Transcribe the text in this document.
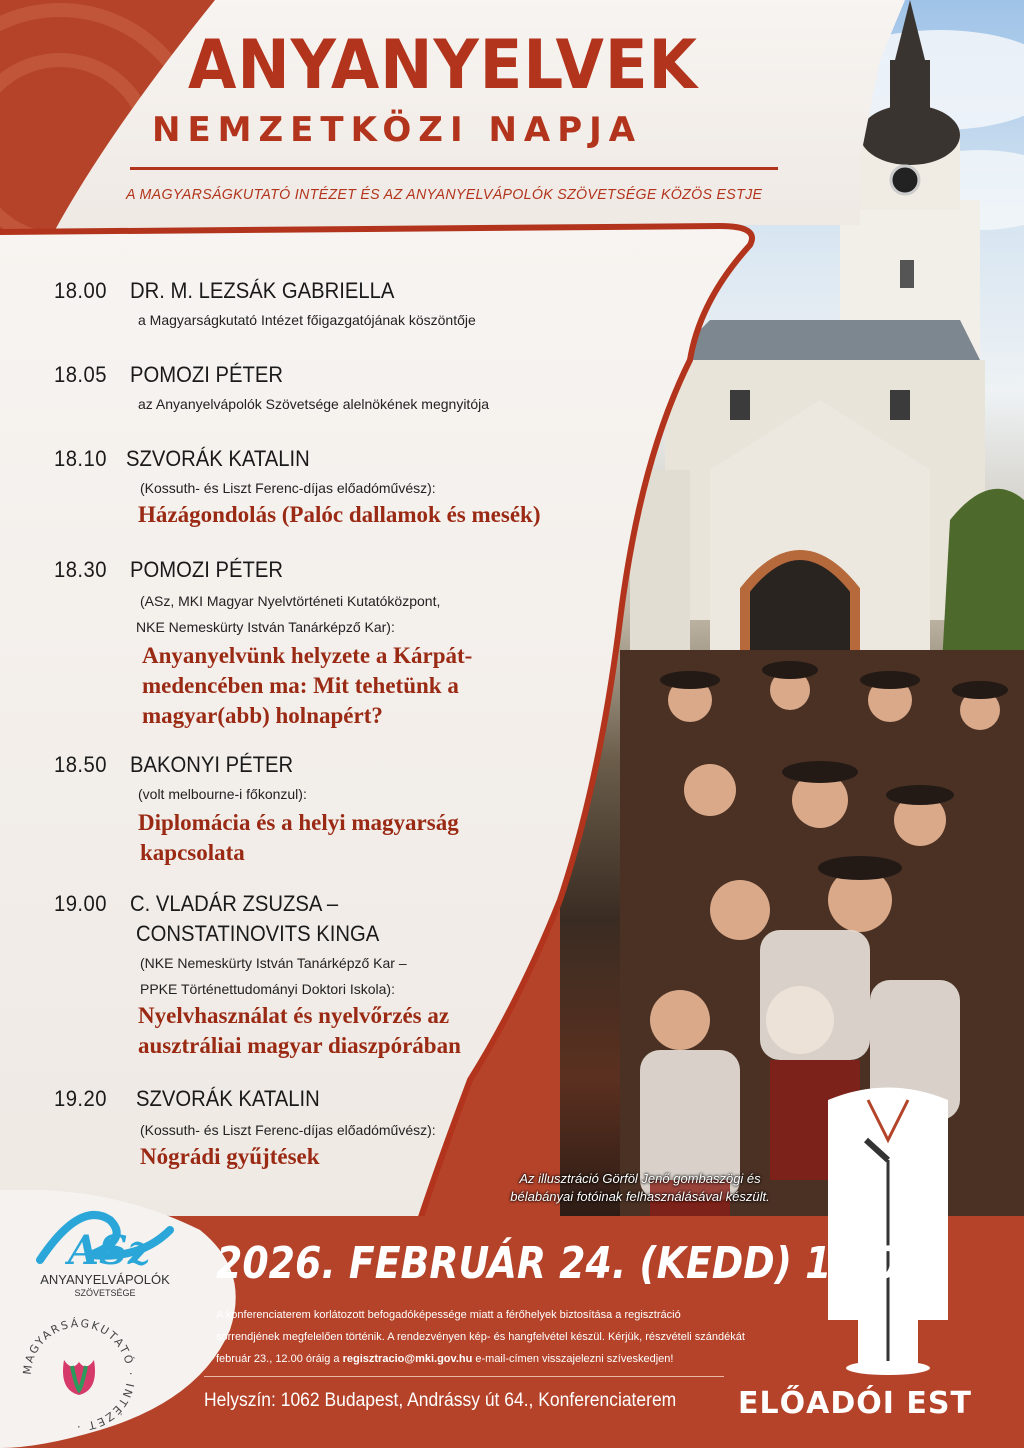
ANYANYELVEK
NEMZETKÖZI NAPJA
A MAGYARSÁGKUTATÓ INTÉZET ÉS AZ ANYANYELVÁPOLÓK SZÖVETSÉGE KÖZÖS ESTJE
18.00 DR. M. LEZSÁK GABRIELLA
a Magyarságkutató Intézet főigazgatójának köszöntője
18.05 POMOZI PÉTER
az Anyanyelvápolók Szövetsége alelnökének megnyitója
18.10 SZVORÁK KATALIN
(Kossuth- és Liszt Ferenc-díjas előadóművész):
Házágondolás (Palóc dallamok és mesék)
18.30 POMOZI PÉTER
(ASz, MKI Magyar Nyelvtörténeti Kutatóközpont,
NKE Nemeskürty István Tanárképző Kar):
Anyanyelvünk helyzete a Kárpát-
medencében ma: Mit tehetünk a
magyar(abb) holnapért?
18.50 BAKONYI PÉTER
(volt melbourne-i főkonzul):
Diplomácia és a helyi magyarság
kapcsolata
19.00 C. VLADÁR ZSUZSA –
CONSTATINOVITS KINGA
(NKE Nemeskürty István Tanárképző Kar –
PPKE Történettudományi Doktori Iskola):
Nyelvhasználat és nyelvőrzés az
ausztráliai magyar diaszpórában
19.20 SZVORÁK KATALIN
(Kossuth- és Liszt Ferenc-díjas előadóművész):
Nógrádi gyűjtések
Az illusztráció Görföl Jenő gombaszögi és
bélabányai fotóinak felhasználásával készült.
ASz
ANYANYELVÁPOLÓK
SZÖVETSÉGE
MAGYARSÁGKUTATÓ · INTÉZET ·
2026. FEBRUÁR 24. (KEDD) 18:00
A konferenciaterem korlátozott befogadóképessége miatt a férőhelyek biztosítása a regisztráció
sorrendjének megfelelően történik. A rendezvényen kép- és hangfelvétel készül. Kérjük, részvételi szándékát
február 23., 12.00 óráig a regisztracio@mki.gov.hu e-mail-címen visszajelezni szíveskedjen!
Helyszín: 1062 Budapest, Andrássy út 64., Konferenciaterem ELŐADÓI EST
